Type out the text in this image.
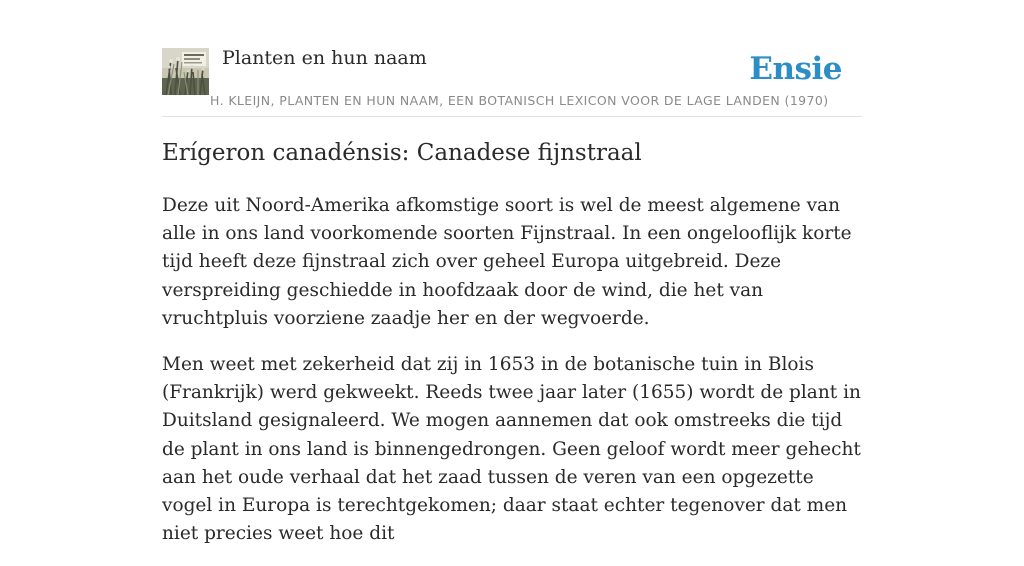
Planten en hun naam	Ensie
H. KLEIJN, PLANTEN EN HUN NAAM, EEN BOTANISCH LEXICON VOOR DE LAGE LANDEN (1970)
Erígeron canadénsis: Canadese fijnstraal

Deze uit Noord-Amerika afkomstige soort is wel de meest algemene van alle in ons land voorkomende soorten Fijnstraal. In een ongelooflijk korte tijd heeft deze fijnstraal zich over geheel Europa uitgebreid. Deze verspreiding geschiedde in hoofdzaak door de wind, die het van vruchtpluis voorziene zaadje her en der wegvoerde.

Men weet met zekerheid dat zij in 1653 in de botanische tuin in Blois (Frankrijk) werd gekweekt. Reeds twee jaar later (1655) wordt de plant in Duitsland gesignaleerd. We mogen aannemen dat ook omstreeks die tijd de plant in ons land is binnengedrongen. Geen geloof wordt meer gehecht aan het oude verhaal dat het zaad tussen de veren van een opgezette vogel in Europa is terechtgekomen; daar staat echter tegenover dat men niet precies weet hoe dit
